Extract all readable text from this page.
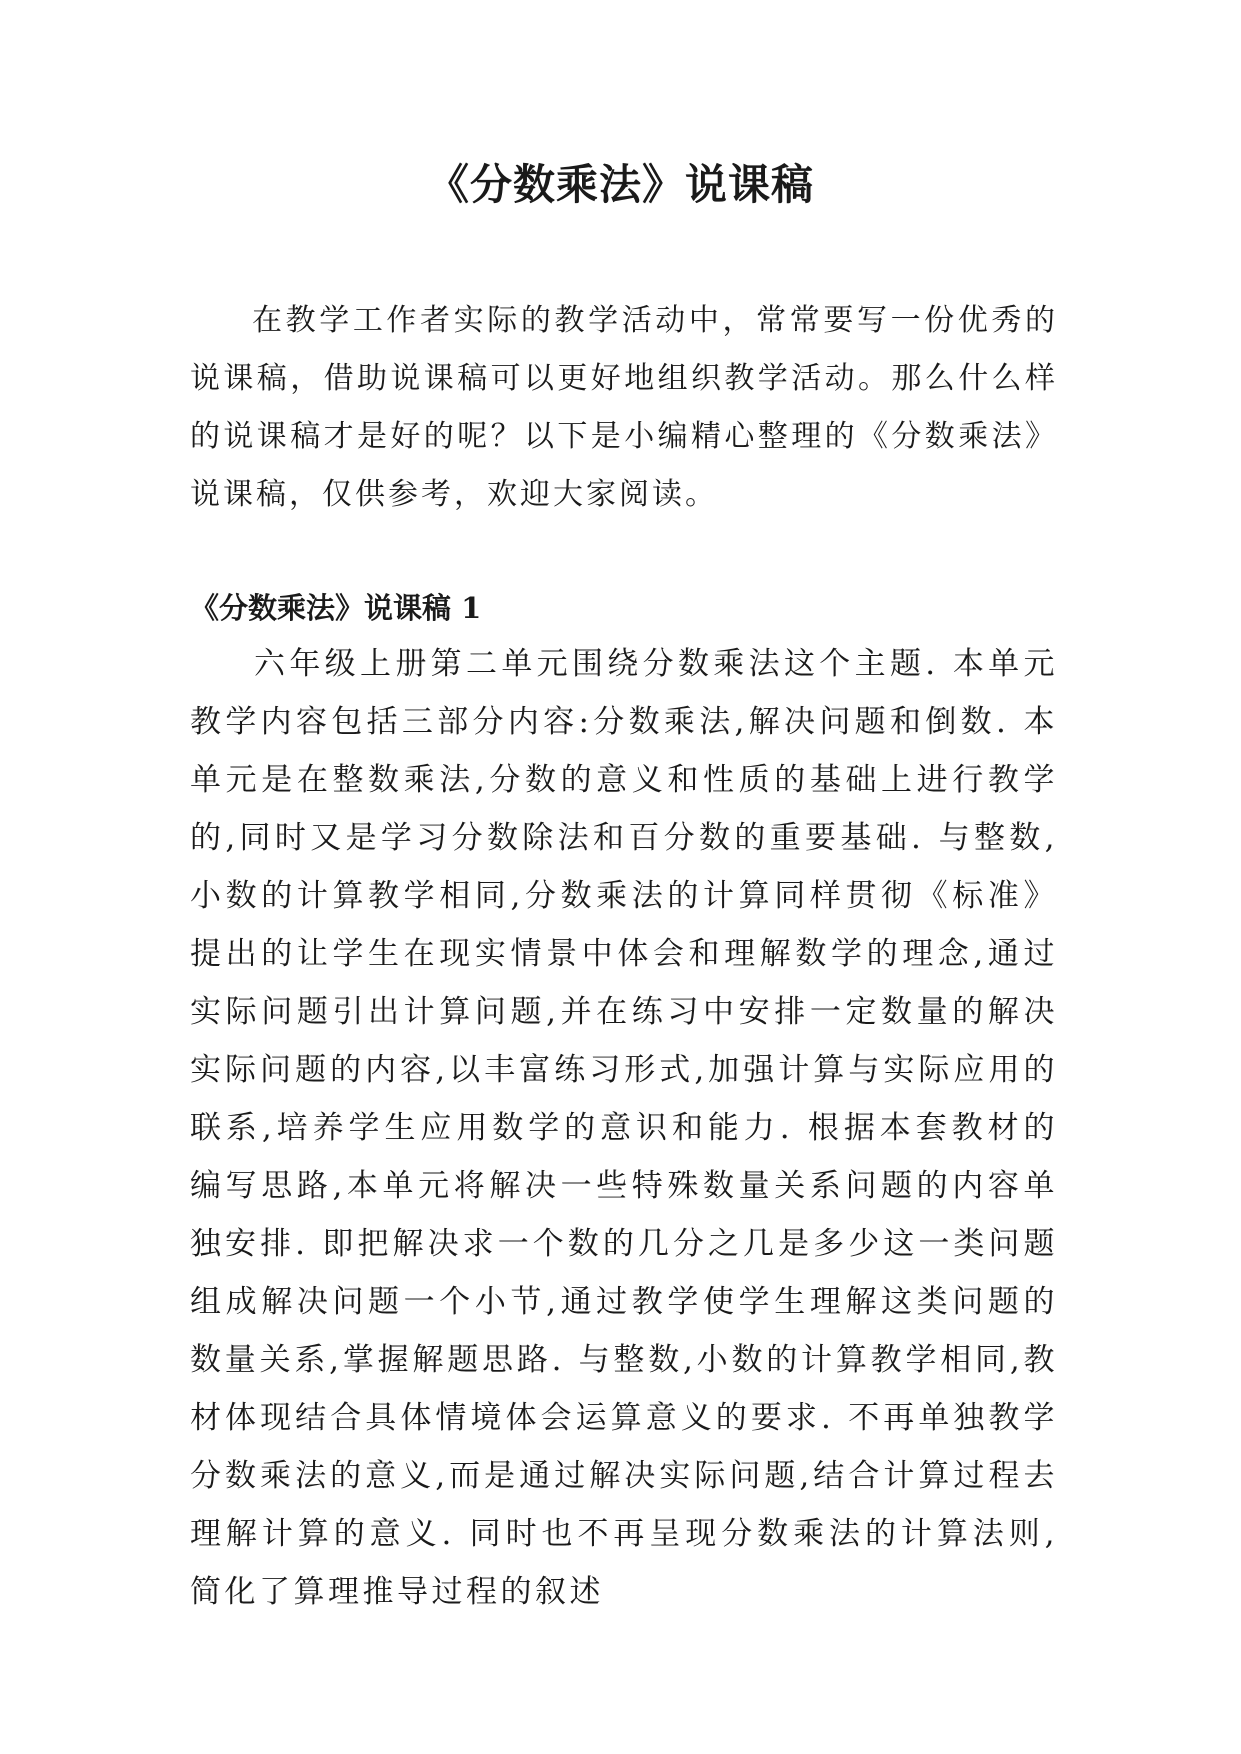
《分数乘法》说课稿

在教学工作者实际的教学活动中，常常要写一份优秀的说课稿，借助说课稿可以更好地组织教学活动。那么什么样的说课稿才是好的呢？以下是小编精心整理的《分数乘法》说课稿，仅供参考，欢迎大家阅读。

《分数乘法》说课稿 1

六年级上册第二单元围绕分数乘法这个主题. 本单元教学内容包括三部分内容:分数乘法,解决问题和倒数. 本单元是在整数乘法,分数的意义和性质的基础上进行教学的,同时又是学习分数除法和百分数的重要基础. 与整数,小数的计算教学相同,分数乘法的计算同样贯彻《标准》提出的让学生在现实情景中体会和理解数学的理念,通过实际问题引出计算问题,并在练习中安排一定数量的解决实际问题的内容,以丰富练习形式,加强计算与实际应用的联系,培养学生应用数学的意识和能力. 根据本套教材的编写思路,本单元将解决一些特殊数量关系问题的内容单独安排. 即把解决求一个数的几分之几是多少这一类问题组成解决问题一个小节,通过教学使学生理解这类问题的数量关系,掌握解题思路. 与整数,小数的计算教学相同,教材体现结合具体情境体会运算意义的要求. 不再单独教学分数乘法的意义,而是通过解决实际问题,结合计算过程去理解计算的意义. 同时也不再呈现分数乘法的计算法则,简化了算理推导过程的叙述
